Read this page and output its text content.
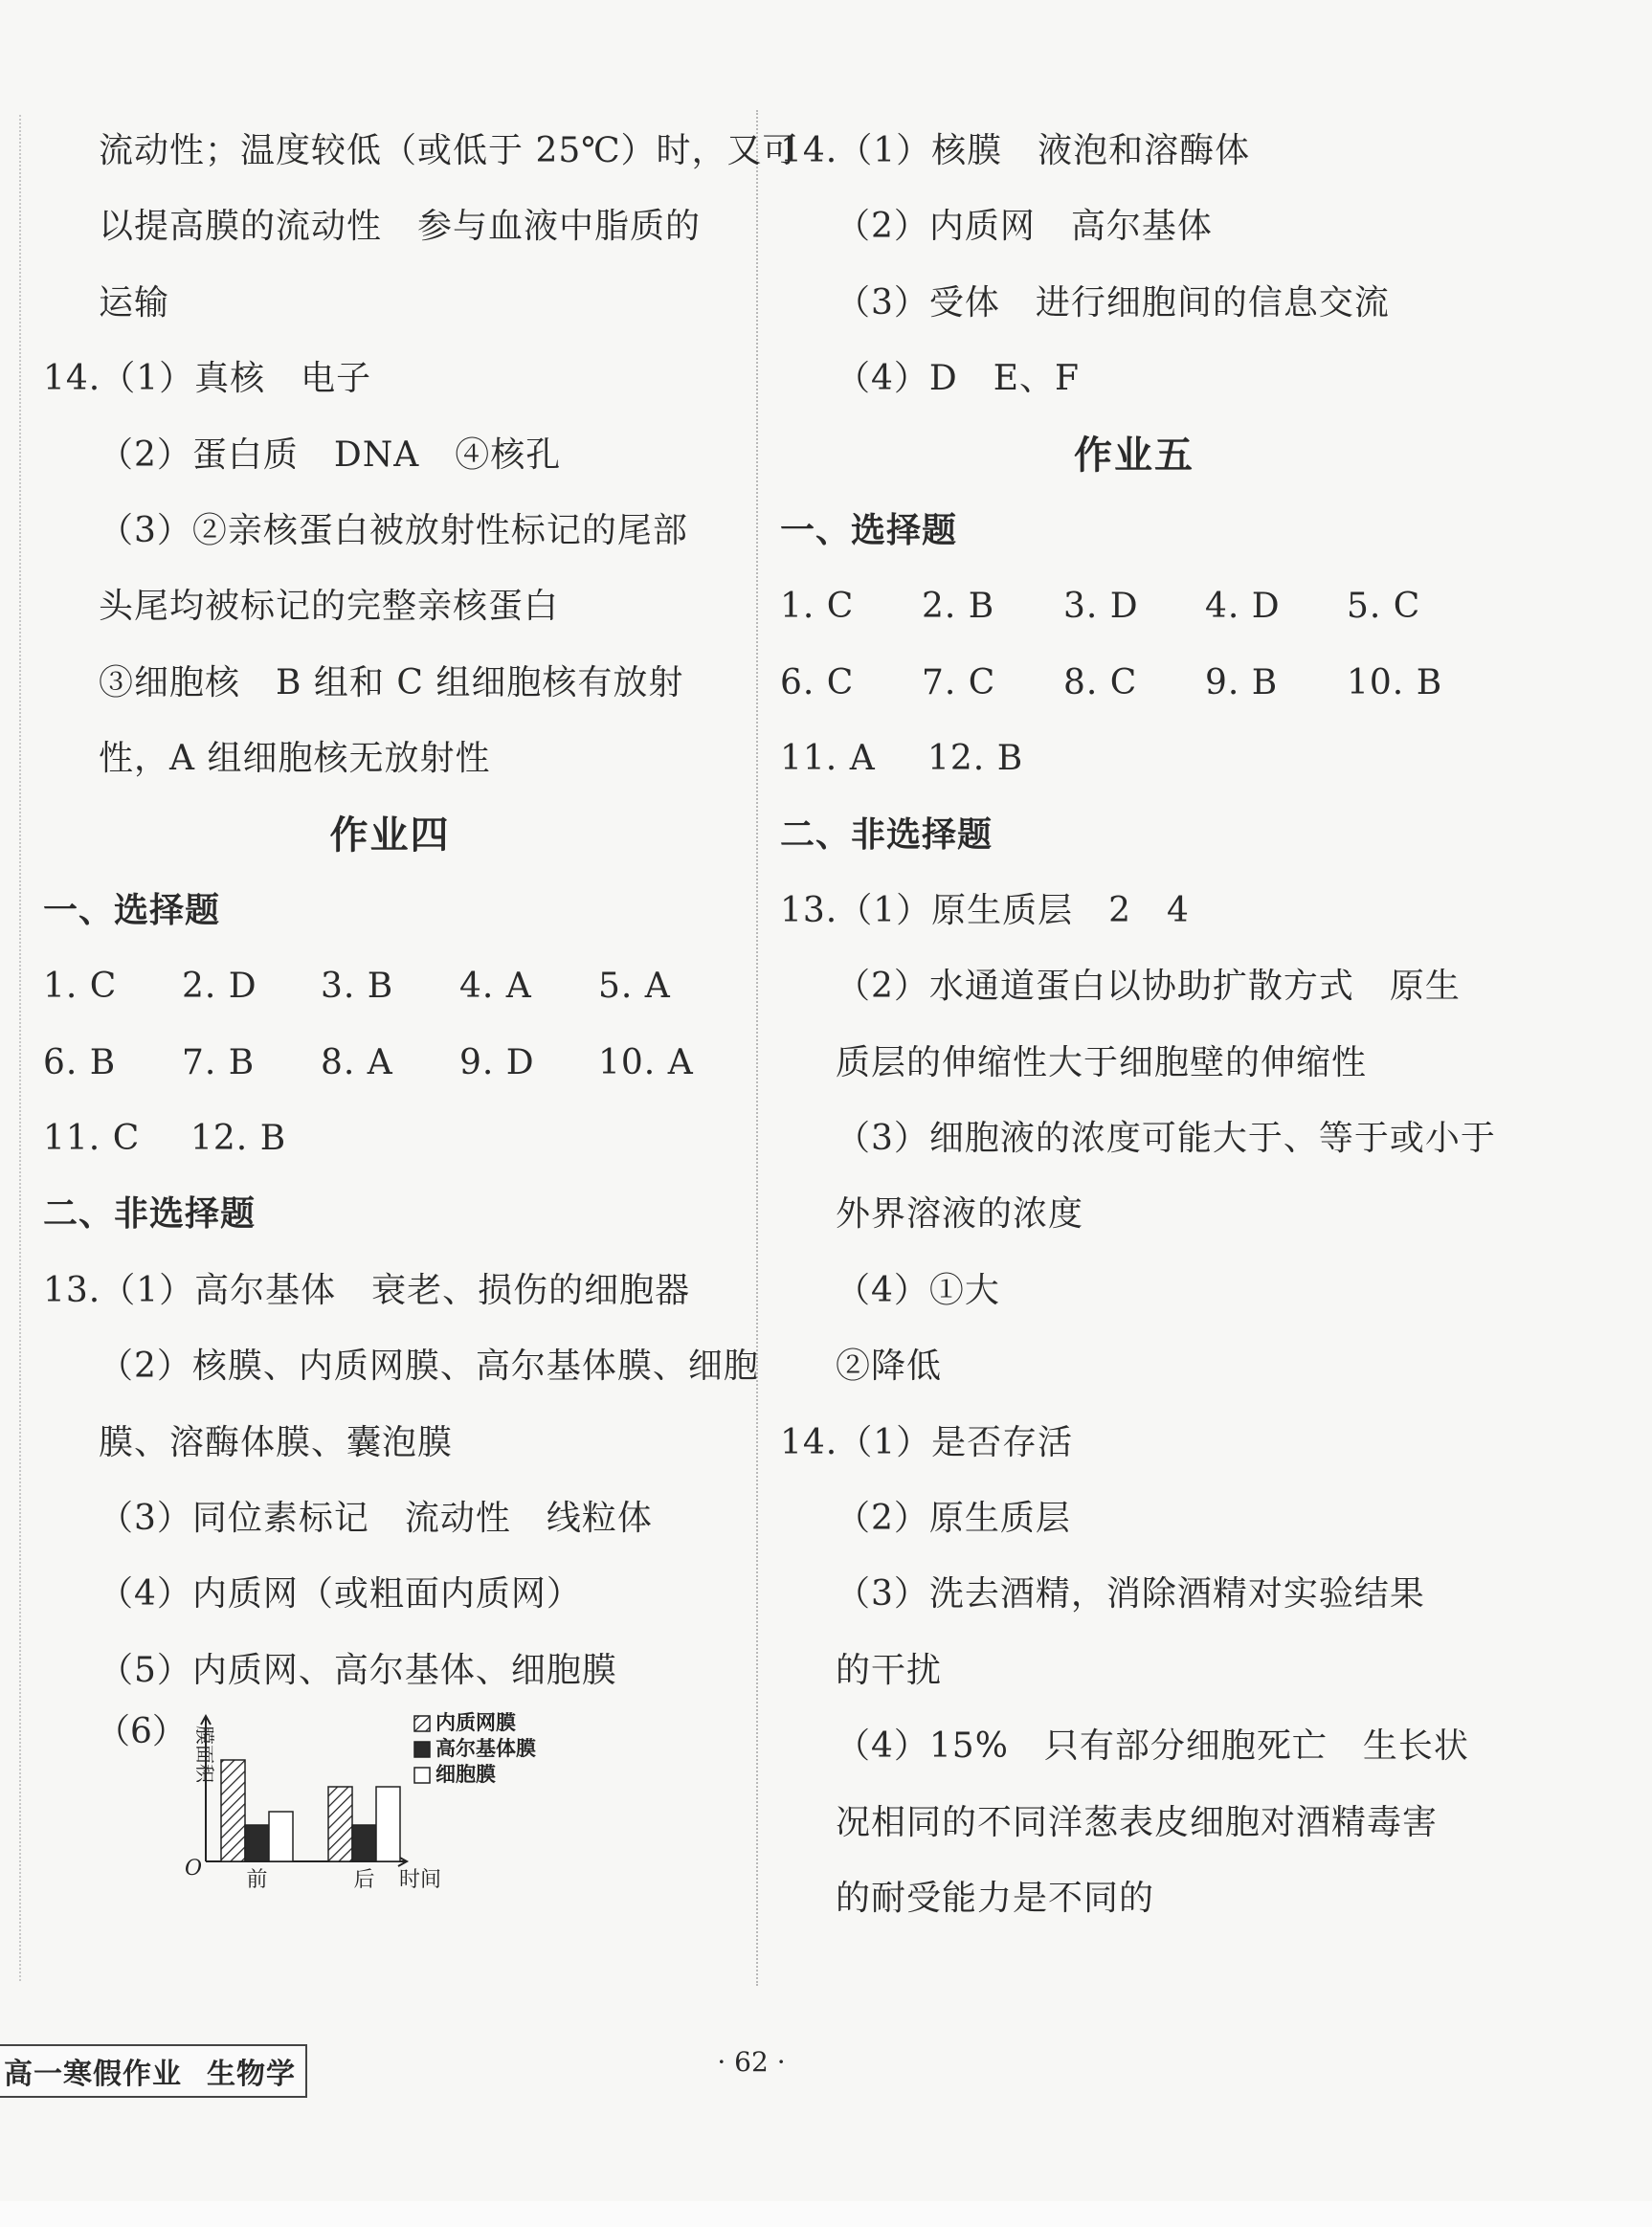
流动性；温度较低（或低于 25℃）时，又可
以提高膜的流动性　参与血液中脂质的
运输
14.（1）真核　电子
（2）蛋白质　DNA　④核孔
（3）②亲核蛋白被放射性标记的尾部
头尾均被标记的完整亲核蛋白
③细胞核　B 组和 C 组细胞核有放射
性，A 组细胞核无放射性
作业四
一、选择题
1. C	2. D	3. B	4. A	5. A
6. B	7. B	8. A	9. D	10. A
11. C	12. B
二、非选择题
13.（1）高尔基体　衰老、损伤的细胞器
（2）核膜、内质网膜、高尔基体膜、细胞
膜、溶酶体膜、囊泡膜
（3）同位素标记　流动性　线粒体
（4）内质网（或粗面内质网）
（5）内质网、高尔基体、细胞膜
（6）
前	后
O	时间
膜面积
内质网膜
高尔基体膜
细胞膜
14.（1）核膜　液泡和溶酶体
（2）内质网　高尔基体
（3）受体　进行细胞间的信息交流
（4）D　E、F
作业五
一、选择题
1. C	2. B	3. D	4. D	5. C
6. C	7. C	8. C	9. B	10. B
11. A	12. B
二、非选择题
13.（1）原生质层　2　4
（2）水通道蛋白以协助扩散方式　原生
质层的伸缩性大于细胞壁的伸缩性
（3）细胞液的浓度可能大于、等于或小于
外界溶液的浓度
（4）①大
②降低
14.（1）是否存活
（2）原生质层
（3）洗去酒精，消除酒精对实验结果
的干扰
（4）15%　只有部分细胞死亡　生长状
况相同的不同洋葱表皮细胞对酒精毒害
的耐受能力是不同的
高一寒假作业 生物学	· 62 ·
